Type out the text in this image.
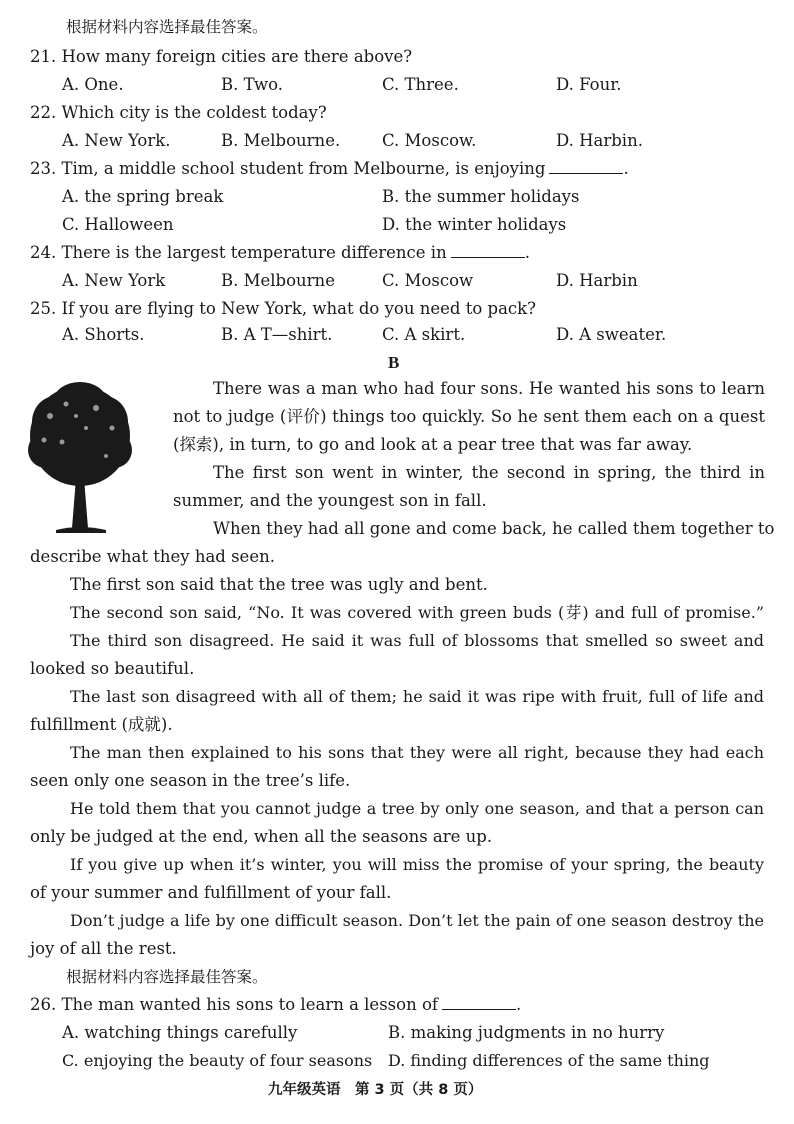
根据材料内容选择最佳答案。
21. How many foreign cities are there above?
A. One.	B. Two.	C. Three.	D. Four.
22. Which city is the coldest today?
A. New York.	B. Melbourne.	C. Moscow.	D. Harbin.
23. Tim, a middle school student from Melbourne, is enjoying	.
A. the spring break	B. the summer holidays
C. Halloween	D. the winter holidays
24. There is the largest temperature difference in	.
A. New York	B. Melbourne	C. Moscow	D. Harbin
25. If you are flying to New York, what do you need to pack?
A. Shorts.	B. A T—shirt.	C. A skirt.	D. A sweater.
B
There was a man who had four sons. He wanted his sons to learn
not to judge (评价) things too quickly. So he sent them each on a quest
(探索), in turn, to go and look at a pear tree that was far away.
The first son went in winter, the second in spring, the third in
summer, and the youngest son in fall.
When they had all gone and come back, he called them together to
describe what they had seen.
The first son said that the tree was ugly and bent.
The second son said, “No. It was covered with green buds (芽) and full of promise.”
The third son disagreed. He said it was full of blossoms that smelled so sweet and
looked so beautiful.
The last son disagreed with all of them; he said it was ripe with fruit, full of life and
fulfillment (成就).
The man then explained to his sons that they were all right, because they had each
seen only one season in the tree’s life.
He told them that you cannot judge a tree by only one season, and that a person can
only be judged at the end, when all the seasons are up.
If you give up when it’s winter, you will miss the promise of your spring, the beauty
of your summer and fulfillment of your fall.
Don’t judge a life by one difficult season. Don’t let the pain of one season destroy the
joy of all the rest.
根据材料内容选择最佳答案。
26. The man wanted his sons to learn a lesson of	.
A. watching things carefully	B. making judgments in no hurry
C. enjoying the beauty of four seasons D. finding differences of the same thing
九年级英语　第 3 页（共 8 页）
